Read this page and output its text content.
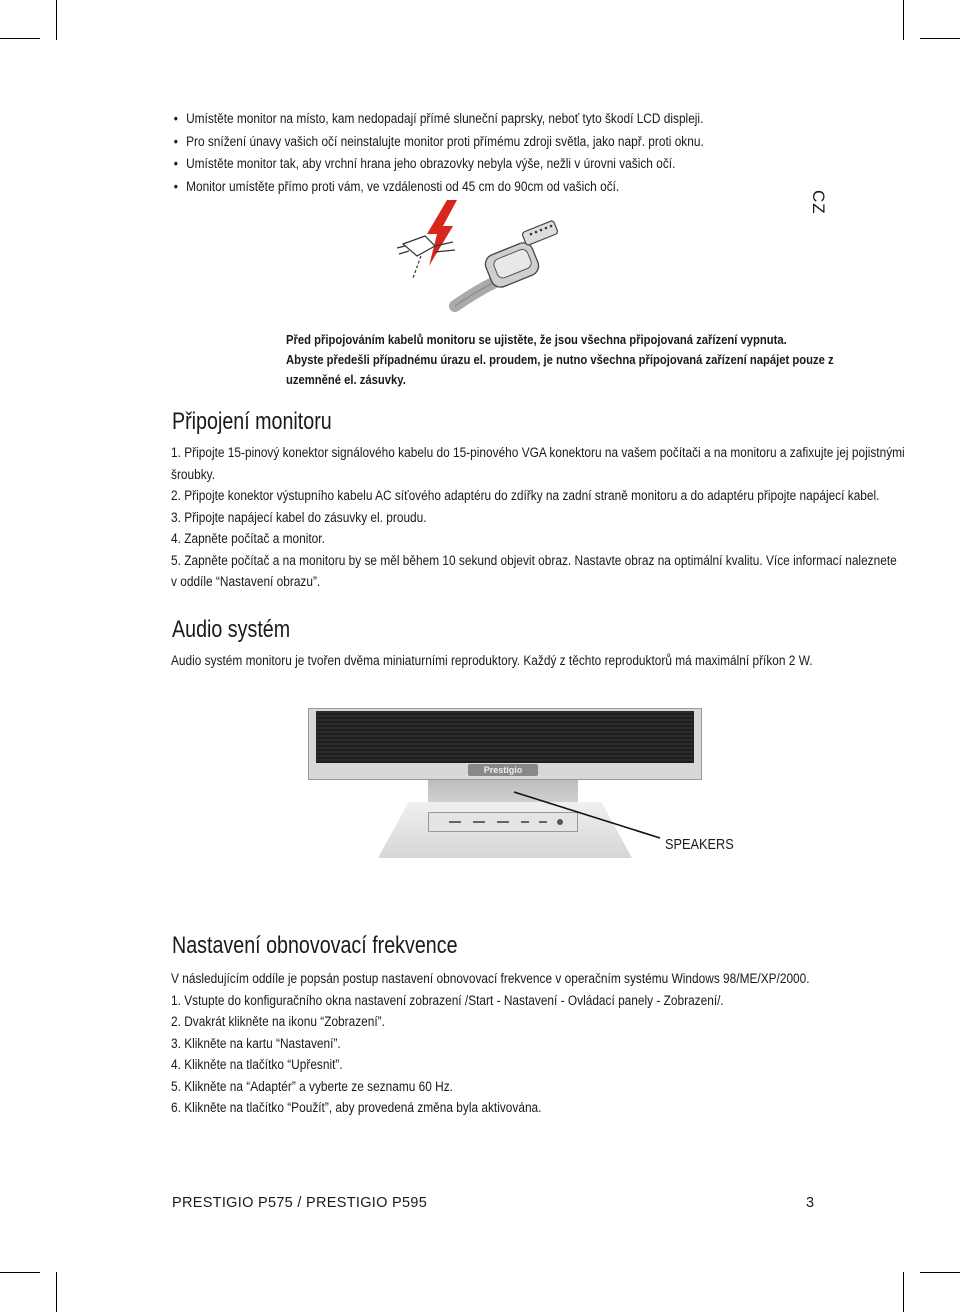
• Umístěte monitor na místo, kam nedopadají přímé sluneční paprsky, neboť tyto škodí LCD displeji.
• Pro snížení únavy vašich očí neinstalujte monitor proti přímému zdroji světla, jako např. proti oknu.
• Umístěte monitor tak, aby vrchní hrana jeho obrazovky nebyla výše, nežli v úrovni vašich očí.
• Monitor umístěte přímo proti vám, ve vzdálenosti od 45 cm do 90cm od vašich očí.
CZ
Před připojováním kabelů monitoru se ujistěte, že jsou všechna připojovaná zařízení vypnuta.
Abyste předešli případnému úrazu el. proudem, je nutno všechna připojovaná zařízení napájet pouze z
uzemněné el. zásuvky.
Připojení monitoru
1. Připojte 15-pinový konektor signálového kabelu do 15-pinového VGA konektoru na vašem počítači a na monitoru a zafixujte jej pojistnými
šroubky.
2. Připojte konektor výstupního kabelu AC síťového adaptéru do zdířky na zadní straně monitoru a do adaptéru připojte napájecí kabel.
3. Připojte napájecí kabel do zásuvky el. proudu.
4. Zapněte počítač a monitor.
5. Zapněte počítač a na monitoru by se měl během 10 sekund objevit obraz. Nastavte obraz na optimální kvalitu. Více informací naleznete
v oddíle “Nastavení obrazu”.
Audio systém
Audio systém monitoru je tvořen dvěma miniaturními reproduktory. Každý z těchto reproduktorů má maximální příkon 2 W.
Prestigio
SPEAKERS
Nastavení obnovovací frekvence
V následujícím oddíle je popsán postup nastavení obnovovací frekvence v operačním systému Windows 98/ME/XP/2000.
1. Vstupte do konfiguračního okna nastavení zobrazení /Start - Nastavení - Ovládací panely - Zobrazení/.
2. Dvakrát klikněte na ikonu “Zobrazení”.
3. Klikněte na kartu “Nastavení”.
4. Klikněte na tlačítko “Upřesnit”.
5. Klikněte na “Adaptér” a vyberte ze seznamu 60 Hz.
6. Klikněte na tlačítko “Použít”, aby provedená změna byla aktivována.
PRESTIGIO P575 / PRESTIGIO P595	3
